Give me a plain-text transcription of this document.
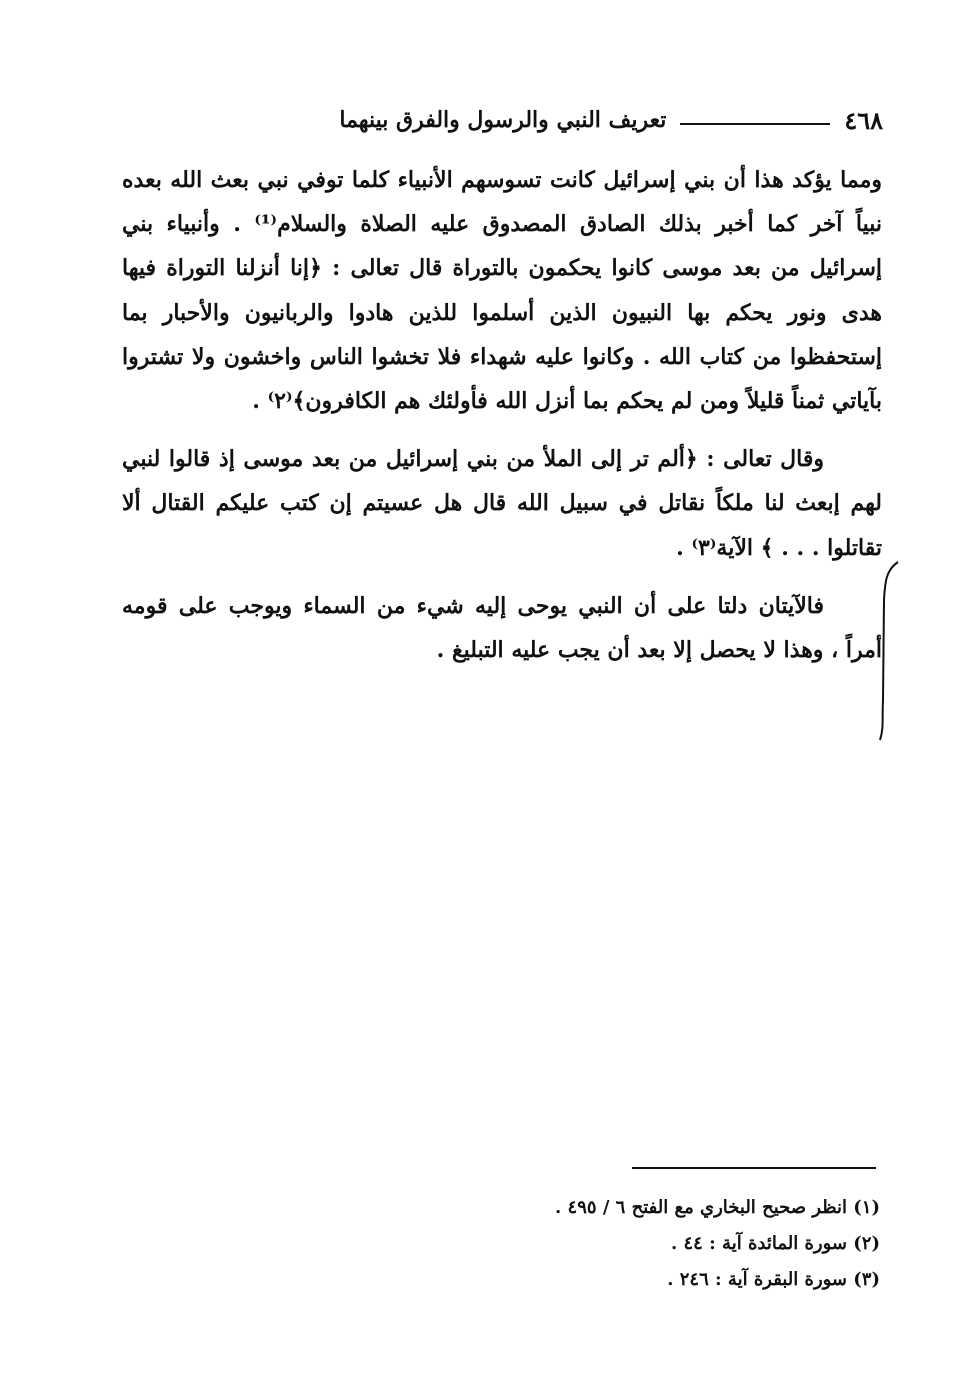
٤٦٨
تعريف النبي والرسول والفرق بينهما

ومما يؤكد هذا أن بني إسرائيل كانت تسوسهم الأنبياء كلما توفي نبي بعث الله بعده نبياً آخر كما أخبر بذلك الصادق المصدوق عليه الصلاة والسلام⁽¹⁾ . وأنبياء بني إسرائيل من بعد موسى كانوا يحكمون بالتوراة قال تعالى : ﴿إنا أنزلنا التوراة فيها هدى ونور يحكم بها النبيون الذين أسلموا للذين هادوا والربانيون والأحبار بما إستحفظوا من كتاب الله . وكانوا عليه شهداء فلا تخشوا الناس واخشون ولا تشتروا بآياتي ثمناً قليلاً ومن لم يحكم بما أنزل الله فأولئك هم الكافرون﴾⁽٢⁾ .

وقال تعالى : ﴿ألم تر إلى الملأ من بني إسرائيل من بعد موسى إذ قالوا لنبي لهم إبعث لنا ملكاً نقاتل في سبيل الله قال هل عسيتم إن كتب عليكم القتال ألا تقاتلوا . . . ﴾ الآية⁽٣⁾ .

فالآيتان دلتا على أن النبي يوحى إليه شيء من السماء ويوجب على قومه أمراً ، وهذا لا يحصل إلا بعد أن يجب عليه التبليغ .

(١) انظر صحيح البخاري مع الفتح ٦ / ٤٩٥ .

(٢) سورة المائدة آية : ٤٤ .

(٣) سورة البقرة آية : ٢٤٦ .
